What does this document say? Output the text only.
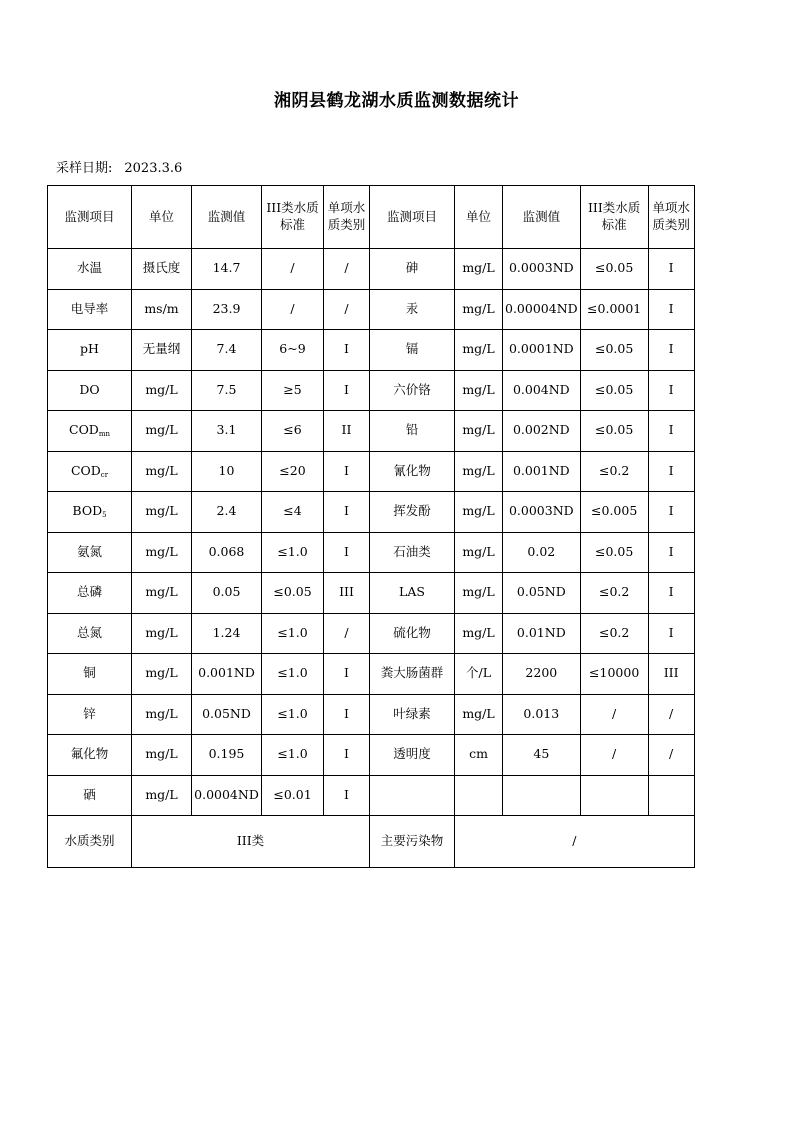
湘阴县鹤龙湖水质监测数据统计
采样日期: 2023.3.6
监测项目	单位	监测值	III类水质标准	单项水质类别	监测项目	单位	监测值	III类水质标准	单项水质类别
水温	摄氏度	14.7	/	/	砷	mg/L	0.0003ND	≤0.05	I
电导率	ms/m	23.9	/	/	汞	mg/L	0.00004ND	≤0.0001	I
pH	无量纲	7.4	6~9	I	镉	mg/L	0.0001ND	≤0.05	I
DO	mg/L	7.5	≥5	I	六价铬	mg/L	0.004ND	≤0.05	I
$COD_{mn}$	mg/L	3.1	≤6	II	铅	mg/L	0.002ND	≤0.05	I
$COD_{cr}$	mg/L	10	≤20	I	氰化物	mg/L	0.001ND	≤0.2	I
$BOD_5$	mg/L	2.4	≤4	I	挥发酚	mg/L	0.0003ND	≤0.005	I
氨氮	mg/L	0.068	≤1.0	I	石油类	mg/L	0.02	≤0.05	I
总磷	mg/L	0.05	≤0.05	III	LAS	mg/L	0.05ND	≤0.2	I
总氮	mg/L	1.24	≤1.0	/	硫化物	mg/L	0.01ND	≤0.2	I
铜	mg/L	0.001ND	≤1.0	I	粪大肠菌群	个/L	2200	≤10000	III
锌	mg/L	0.05ND	≤1.0	I	叶绿素	mg/L	0.013	/	/
氟化物	mg/L	0.195	≤1.0	I	透明度	cm	45	/	/
硒	mg/L	0.0004ND	≤0.01	I					
水质类别	III类				主要污染物	/			
